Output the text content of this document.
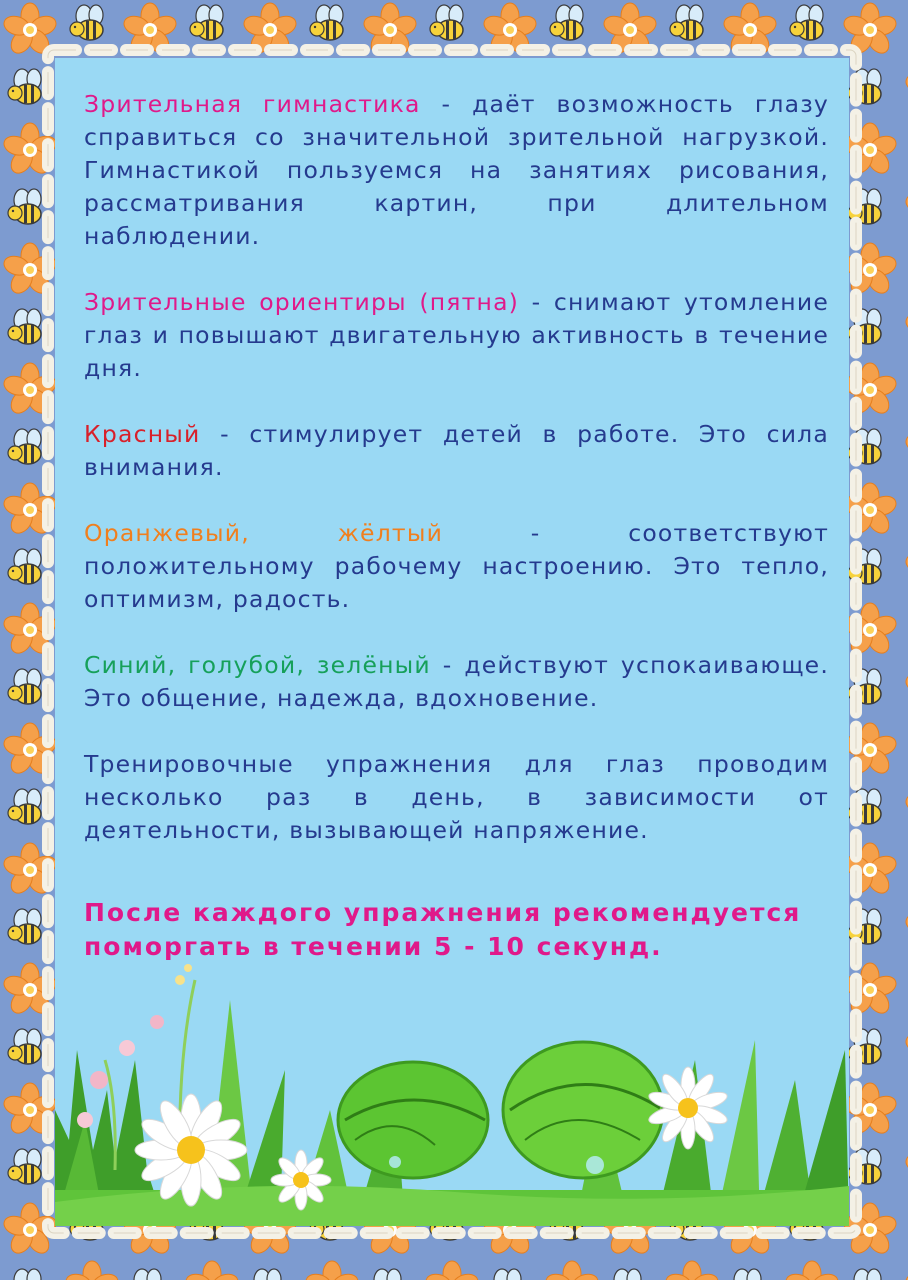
Зрительная гимнастика - даёт возможность глазу справиться со значительной зрительной нагрузкой. Гимнастикой пользуемся на занятиях рисования, рассматривания картин, при длительном наблюдении.

Зрительные ориентиры (пятна) - снимают утомление глаз и повышают двигательную активность в течение дня.

Красный - стимулирует детей в работе. Это сила внимания.

Оранжевый, жёлтый - соответствуют положительному рабочему настроению. Это тепло, оптимизм, радость.

Синий, голубой, зелёный - действуют успокаивающе. Это общение, надежда, вдохновение.

Тренировочные упражнения для глаз проводим несколько раз в день, в зависимости от деятельности, вызывающей напряжение.

После каждого упражнения рекомендуется поморгать в течении 5 - 10 секунд.
